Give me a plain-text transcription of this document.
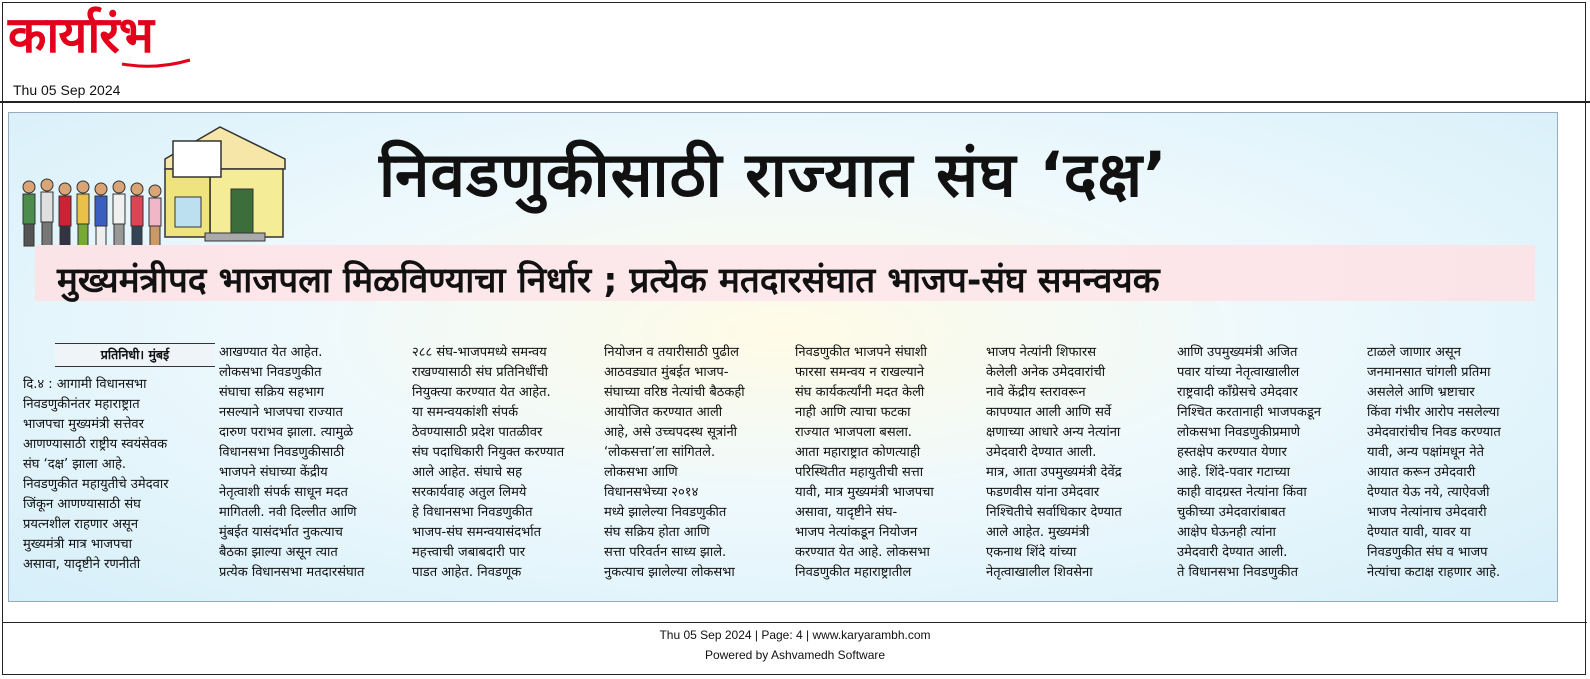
कार्यारंभ
Thu 05 Sep 2024
निवडणुकीसाठी राज्यात संघ ‘दक्ष’
मुख्यमंत्रीपद भाजपला मिळविण्याचा निर्धार ; प्रत्येक मतदारसंघात भाजप-संघ समन्वयक
प्रतिनिधी। मुंबई

दि.४ : आगामी विधानसभा
निवडणुकीनंतर महाराष्ट्रात
भाजपचा मुख्यमंत्री सत्तेवर
आणण्यासाठी राष्ट्रीय स्वयंसेवक
संघ ‘दक्ष’ झाला आहे.
निवडणुकीत महायुतीचे उमेदवार
जिंकून आणण्यासाठी संघ
प्रयत्नशील राहणार असून
मुख्यमंत्री मात्र भाजपचा
असावा, यादृष्टीने रणनीती

आखण्यात येत आहेत.
लोकसभा निवडणुकीत
संघाचा सक्रिय सहभाग
नसल्याने भाजपचा राज्यात
दारुण पराभव झाला. त्यामुळे
विधानसभा निवडणुकीसाठी
भाजपने संघाच्या केंद्रीय
नेतृत्वाशी संपर्क साधून मदत
मागितली. नवी दिल्लीत आणि
मुंबईत यासंदर्भात नुकत्याच
बैठका झाल्या असून त्यात
प्रत्येक विधानसभा मतदारसंघात

२८८ संघ-भाजपमध्ये समन्वय
राखण्यासाठी संघ प्रतिनिधींची
नियुक्त्या करण्यात येत आहेत.
या समन्वयकांशी संपर्क
ठेवण्यासाठी प्रदेश पातळीवर
संघ पदाधिकारी नियुक्त करण्यात
आले आहेत. संघाचे सह
सरकार्यवाह अतुल लिमये
हे विधानसभा निवडणुकीत
भाजप-संघ समन्वयासंदर्भात
महत्त्वाची जबाबदारी पार
पाडत आहेत. निवडणूक

नियोजन व तयारीसाठी पुढील
आठवड्यात मुंबईत भाजप-
संघाच्या वरिष्ठ नेत्यांची बैठकही
आयोजित करण्यात आली
आहे, असे उच्चपदस्थ सूत्रांनी
‘लोकसत्ता’ला सांगितले.
लोकसभा आणि
विधानसभेच्या २०१४
मध्ये झालेल्या निवडणुकीत
संघ सक्रिय होता आणि
सत्ता परिवर्तन साध्य झाले.
नुकत्याच झालेल्या लोकसभा

निवडणुकीत भाजपने संघाशी
फारसा समन्वय न राखल्याने
संघ कार्यकर्त्यांनी मदत केली
नाही आणि त्याचा फटका
राज्यात भाजपला बसला.
आता महाराष्ट्रात कोणत्याही
परिस्थितीत महायुतीची सत्ता
यावी, मात्र मुख्यमंत्री भाजपचा
असावा, यादृष्टीने संघ-
भाजप नेत्यांकडून नियोजन
करण्यात येत आहे. लोकसभा
निवडणुकीत महाराष्ट्रातील

भाजप नेत्यांनी शिफारस
केलेली अनेक उमेदवारांची
नावे केंद्रीय स्तरावरून
कापण्यात आली आणि सर्वे
क्षणाच्या आधारे अन्य नेत्यांना
उमेदवारी देण्यात आली.
मात्र, आता उपमुख्यमंत्री देवेंद्र
फडणवीस यांना उमेदवार
निश्चितीचे सर्वाधिकार देण्यात
आले आहेत. मुख्यमंत्री
एकनाथ शिंदे यांच्या
नेतृत्वाखालील शिवसेना

आणि उपमुख्यमंत्री अजित
पवार यांच्या नेतृत्वाखालील
राष्ट्रवादी काँग्रेसचे उमेदवार
निश्चित करतानाही भाजपकडून
लोकसभा निवडणुकीप्रमाणे
हस्तक्षेप करण्यात येणार
आहे. शिंदे-पवार गटाच्या
काही वादग्रस्त नेत्यांना किंवा
चुकीच्या उमेदवारांबाबत
आक्षेप घेऊनही त्यांना
उमेदवारी देण्यात आली.
ते विधानसभा निवडणुकीत

टाळले जाणार असून
जनमानसात चांगली प्रतिमा
असलेले आणि भ्रष्टाचार
किंवा गंभीर आरोप नसलेल्या
उमेदवारांचीच निवड करण्यात
यावी, अन्य पक्षांमधून नेते
आयात करून उमेदवारी
देण्यात येऊ नये, त्याऐवजी
भाजप नेत्यांनाच उमेदवारी
देण्यात यावी, यावर या
निवडणुकीत संघ व भाजप
नेत्यांचा कटाक्ष राहणार आहे.

Thu 05 Sep 2024 | Page: 4 | www.karyarambh.com
Powered by Ashvamedh Software
